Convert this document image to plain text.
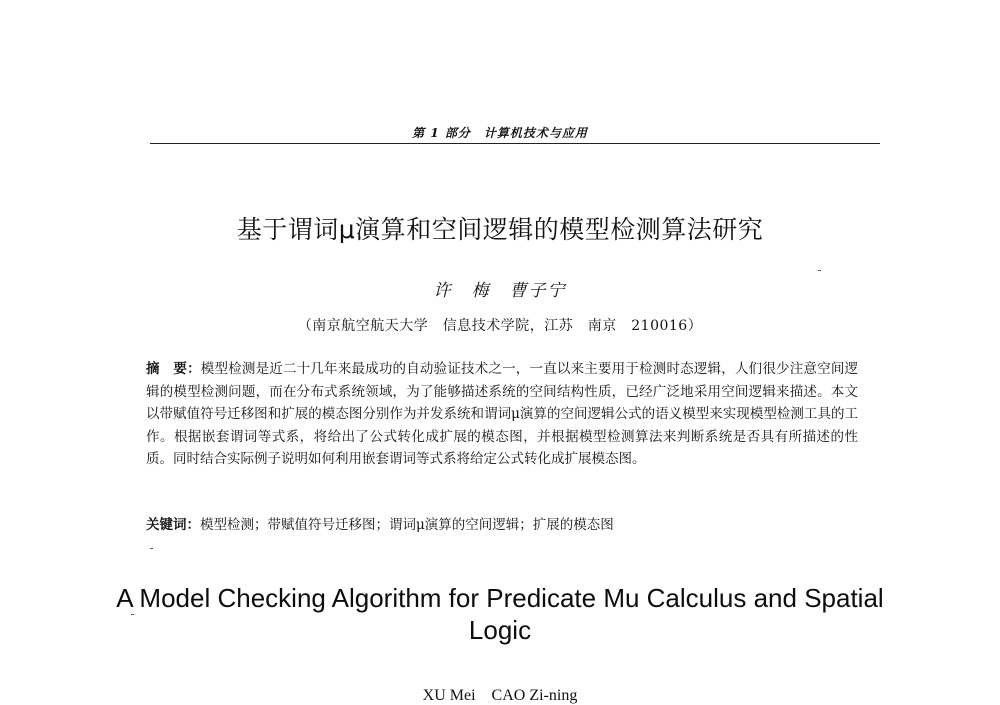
第 1 部分　计算机技术与应用
基于谓词μ演算和空间逻辑的模型检测算法研究
许　梅　曹子宁
（南京航空航天大学　信息技术学院，江苏　南京　210016）
摘　要：模型检测是近二十几年来最成功的自动验证技术之一，一直以来主要用于检测时态逻辑，人们很少注意空间逻辑的模型检测问题，而在分布式系统领域，为了能够描述系统的空间结构性质，已经广泛地采用空间逻辑来描述。本文以带赋值符号迁移图和扩展的模态图分别作为并发系统和谓词μ演算的空间逻辑公式的语义模型来实现模型检测工具的工作。根据嵌套谓词等式系，将给出了公式转化成扩展的模态图，并根据模型检测算法来判断系统是否具有所描述的性质。同时结合实际例子说明如何利用嵌套谓词等式系将给定公式转化成扩展模态图。
关键词：模型检测；带赋值符号迁移图；谓词μ演算的空间逻辑；扩展的模态图
A Model Checking Algorithm for Predicate Mu Calculus and Spatial Logic
XU Mei　CAO Zi-ning
